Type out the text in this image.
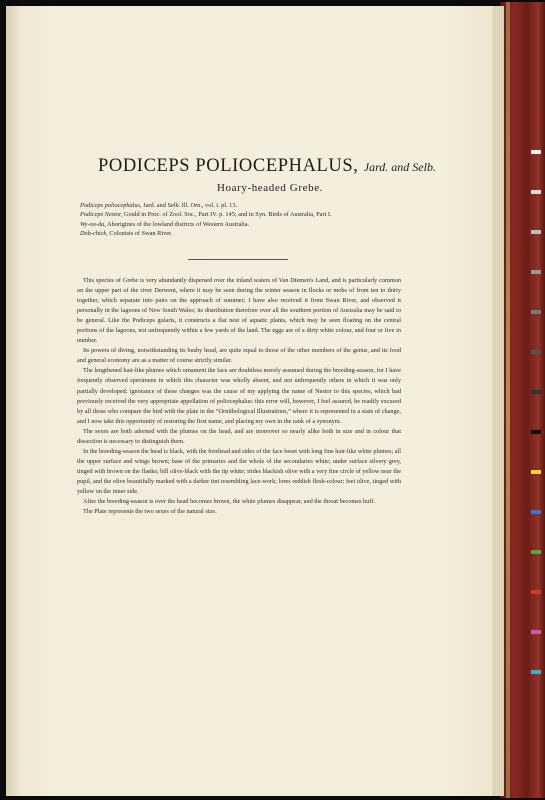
PODICEPS POLIOCEPHALUS, Jard. and Selb.
Hoary-headed Grebe.
Podiceps poliocephalus, Jard. and Selb. Ill. Orn., vol. i. pl. 13.
Podiceps Nestor, Gould in Proc. of Zool. Soc., Part IV. p. 145; and in Syn. Birds of Australia, Part I.
Wy-oo-da, Aborigines of the lowland districts of Western Australia.
Dob-chick, Colonists of Swan River.

This species of Grebe is very abundantly dispersed over the inland waters of Van Diemen's Land, and is particularly common on the upper part of the river Derwent, where it may be seen during the winter season in flocks or mobs of from ten to thirty together, which separate into pairs on the approach of summer; I have also received it from Swan River, and observed it personally in the lagoons of New South Wales; its distribution therefore over all the southern portion of Australia may be said to be general. Like the Podiceps gularis, it constructs a flat nest of aquatic plants, which may be seen floating on the central portions of the lagoons, not unfrequently within a few yards of the land. The eggs are of a dirty white colour, and four or five in number.

Its powers of diving, notwithstanding its bushy head, are quite equal to those of the other members of the genus, and its food and general economy are as a matter of course strictly similar.

The lengthened hair-like plumes which ornament the face are doubtless merely assumed during the breeding-season, for I have frequently observed specimens in which this character was wholly absent, and not unfrequently others in which it was only partially developed; ignorance of these changes was the cause of my applying the name of Nestor to this species, which had previously received the very appropriate appellation of poliocephalus: this error will, however, I feel assured, be readily excused by all those who compare the bird with the plate in the “Ornithological Illustrations,” where it is represented in a state of change, and I now take this opportunity of restoring the first name, and placing my own in the rank of a synonym.

The sexes are both adorned with the plumes on the head, and are moreover so nearly alike both in size and in colour that dissection is necessary to distinguish them.

In the breeding-season the head is black, with the forehead and sides of the face beset with long fine hair-like white plumes; all the upper surface and wings brown; base of the primaries and the whole of the secondaries white; under surface silvery grey, tinged with brown on the flanks; bill olive-black with the tip white; irides blackish olive with a very fine circle of yellow near the pupil, and the olive beautifully marked with a darker tint resembling lace-work; lores reddish flesh-colour; feet olive, tinged with yellow on the inner side.

After the breeding-season is over the head becomes brown, the white plumes disappear, and the throat becomes huff.

The Plate represents the two sexes of the natural size.
